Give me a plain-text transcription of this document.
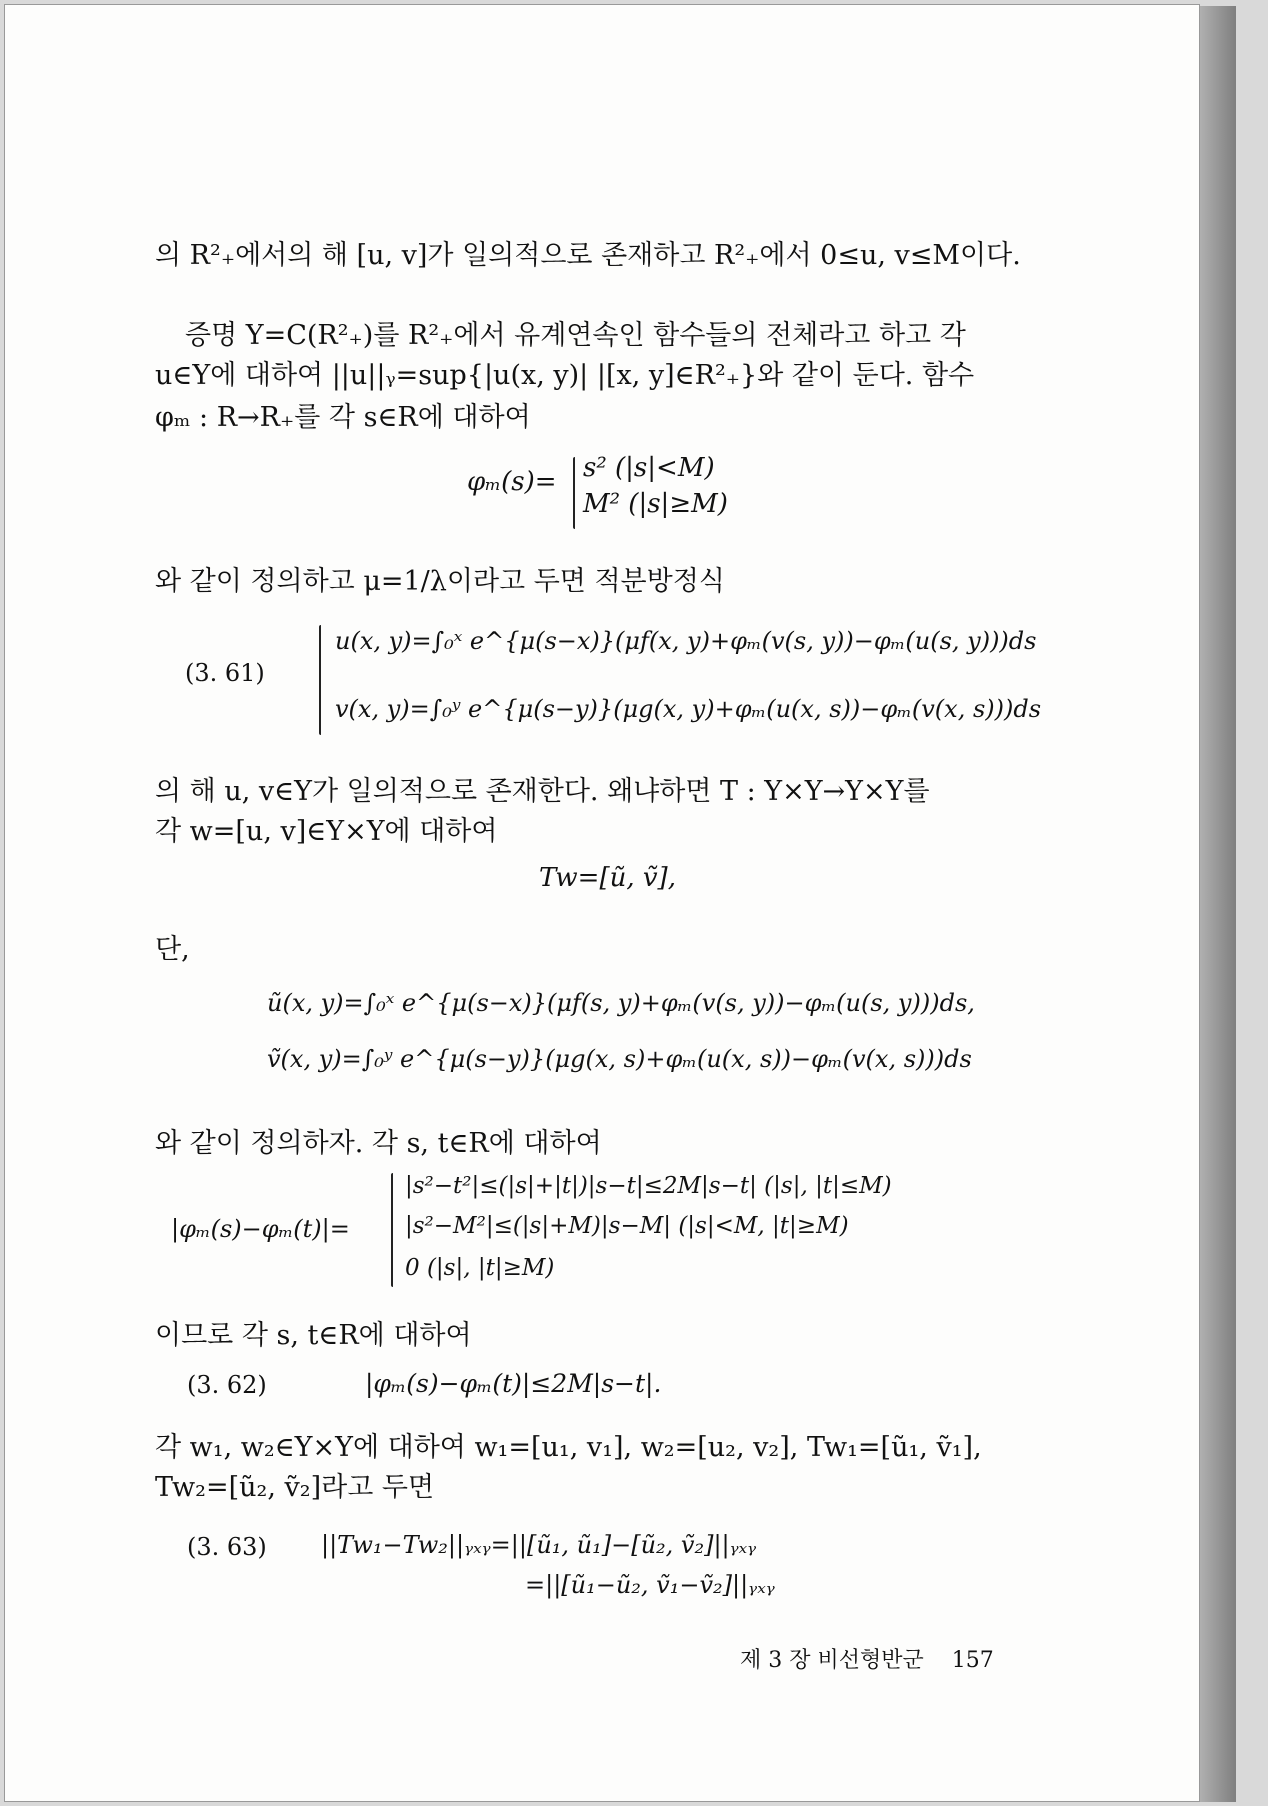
의 R²₊에서의 해 [u, v]가 일의적으로 존재하고 R²₊에서 0≤u, v≤M이다.
증명 Y=C(R²₊)를 R²₊에서 유계연속인 함수들의 전체라고 하고 각
u∈Y에 대하여 ||u||ᵧ=sup{|u(x, y)| |[x, y]∈R²₊}와 같이 둔다. 함수
φₘ : R→R₊를 각 s∈R에 대하여
φₘ(s)= s² (|s|<M)
M² (|s|≥M)
와 같이 정의하고 μ=1/λ이라고 두면 적분방정식
(3. 61)
u(x, y)=∫₀ˣ e^{μ(s−x)}(μf(x, y)+φₘ(v(s, y))−φₘ(u(s, y)))ds
v(x, y)=∫₀ʸ e^{μ(s−y)}(μg(x, y)+φₘ(u(x, s))−φₘ(v(x, s)))ds
의 해 u, v∈Y가 일의적으로 존재한다. 왜냐하면 T : Y×Y→Y×Y를
각 w=[u, v]∈Y×Y에 대하여
Tw=[ũ, ṽ],
단,
ũ(x, y)=∫₀ˣ e^{μ(s−x)}(μf(s, y)+φₘ(v(s, y))−φₘ(u(s, y)))ds,
ṽ(x, y)=∫₀ʸ e^{μ(s−y)}(μg(x, s)+φₘ(u(x, s))−φₘ(v(x, s)))ds
와 같이 정의하자. 각 s, t∈R에 대하여
|φₘ(s)−φₘ(t)|=
|s²−t²|≤(|s|+|t|)|s−t|≤2M|s−t| (|s|, |t|≤M)
|s²−M²|≤(|s|+M)|s−M| (|s|<M, |t|≥M)
0 (|s|, |t|≥M)
이므로 각 s, t∈R에 대하여
(3. 62)	|φₘ(s)−φₘ(t)|≤2M|s−t|.
각 w₁, w₂∈Y×Y에 대하여 w₁=[u₁, v₁], w₂=[u₂, v₂], Tw₁=[ũ₁, ṽ₁],
Tw₂=[ũ₂, ṽ₂]라고 두면
(3. 63) ||Tw₁−Tw₂||ᵧₓᵧ=||[ũ₁, ũ₁]−[ũ₂, ṽ₂]||ᵧₓᵧ
=||[ũ₁−ũ₂, ṽ₁−ṽ₂]||ᵧₓᵧ
제 3 장 비선형반군 157
